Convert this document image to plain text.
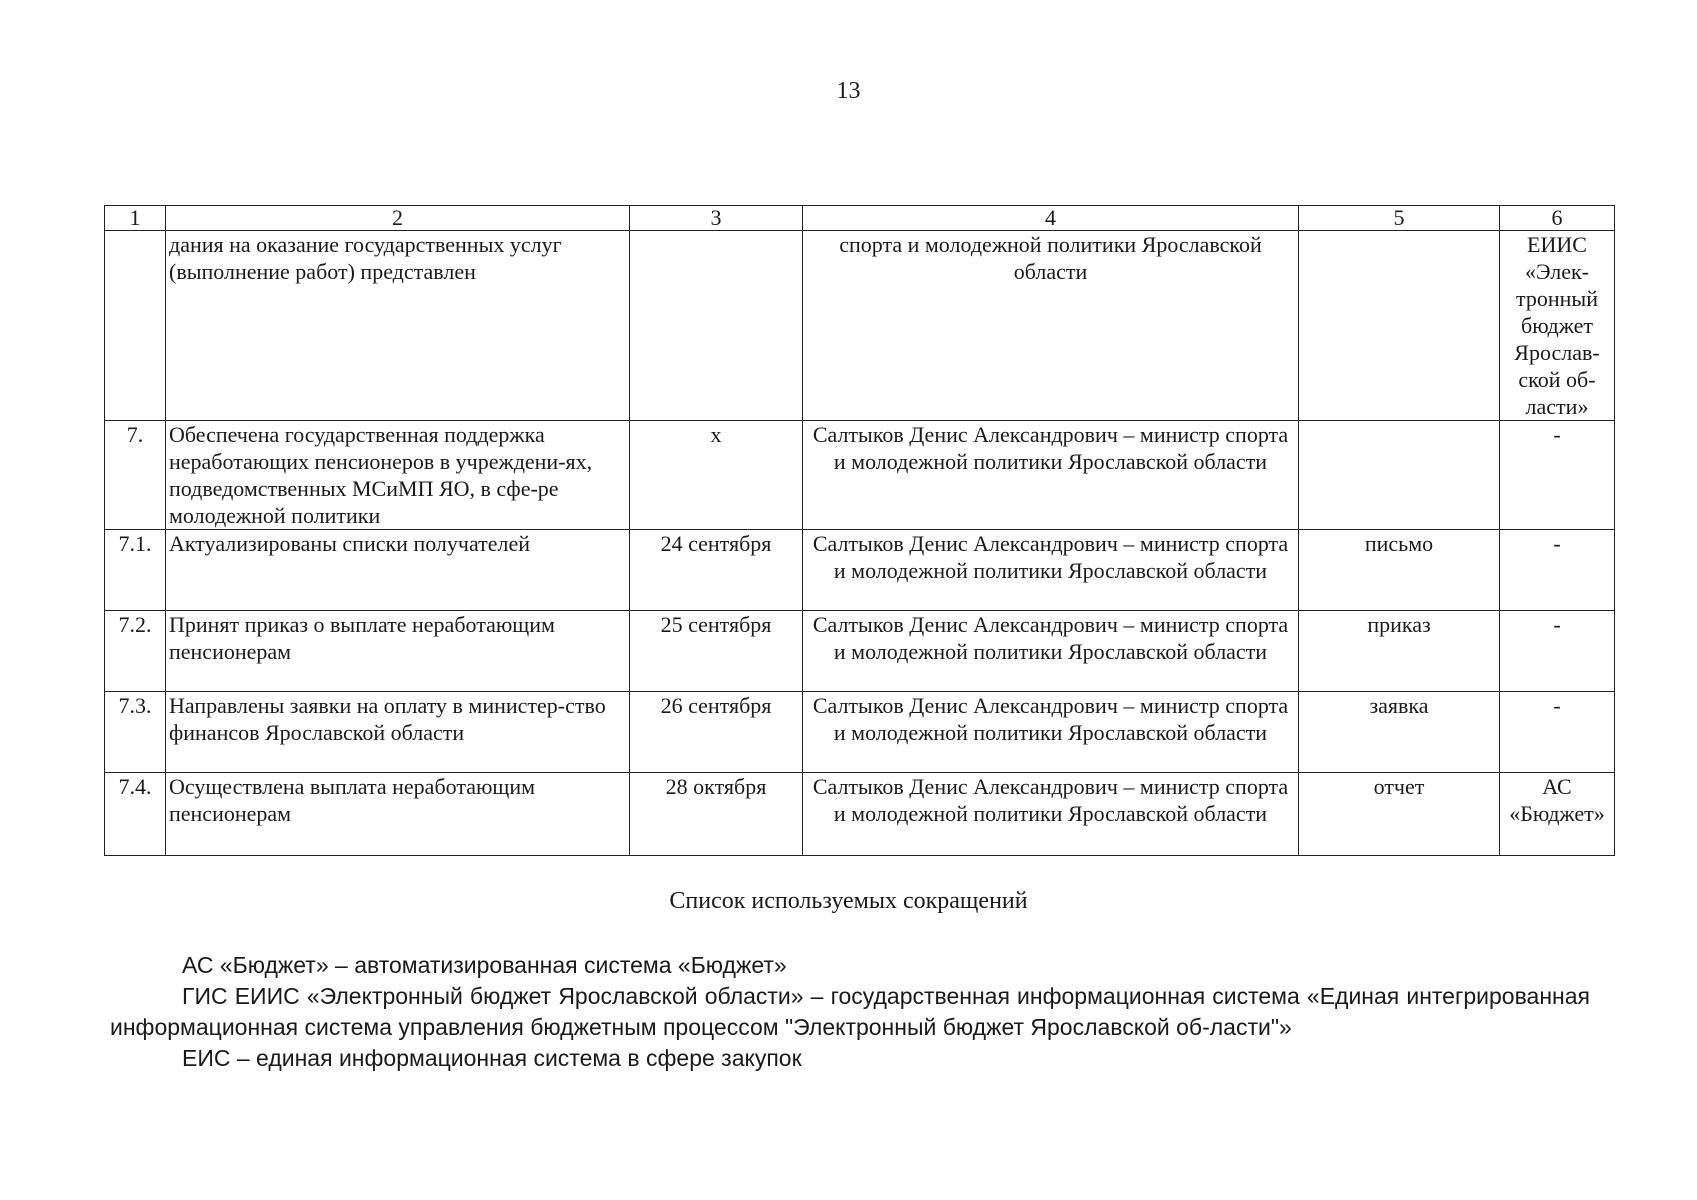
13
1	2	3	4	5	6
	дания на оказание государственных услуг (выполнение работ) представлен		спорта и молодежной политики Ярославской области		ЕИИС «Элек-тронный бюджет Ярослав-ской об-ласти»
7.	Обеспечена государственная поддержка неработающих пенсионеров в учреждени-ях, подведомственных МСиМП ЯО, в сфе-ре молодежной политики	х	Салтыков Денис Александрович – министр спорта и молодежной политики Ярославской области		-
7.1.	Актуализированы списки получателей	24 сентября	Салтыков Денис Александрович – министр спорта и молодежной политики Ярославской области	письмо	-
7.2.	Принят приказ о выплате неработающим пенсионерам	25 сентября	Салтыков Денис Александрович – министр спорта и молодежной политики Ярославской области	приказ	-
7.3.	Направлены заявки на оплату в министер-ство финансов Ярославской области	26 сентября	Салтыков Денис Александрович – министр спорта и молодежной политики Ярославской области	заявка	-
7.4.	Осуществлена выплата неработающим пенсионерам	28 октября	Салтыков Денис Александрович – министр спорта и молодежной политики Ярославской области	отчет	АС «Бюджет»
Список используемых сокращений

АС «Бюджет» – автоматизированная система «Бюджет»

ГИС ЕИИС «Электронный бюджет Ярославской области» – государственная информационная система «Единая интегрированная информационная система управления бюджетным процессом "Электронный бюджет Ярославской об-ласти"»

ЕИС – единая информационная система в сфере закупок
